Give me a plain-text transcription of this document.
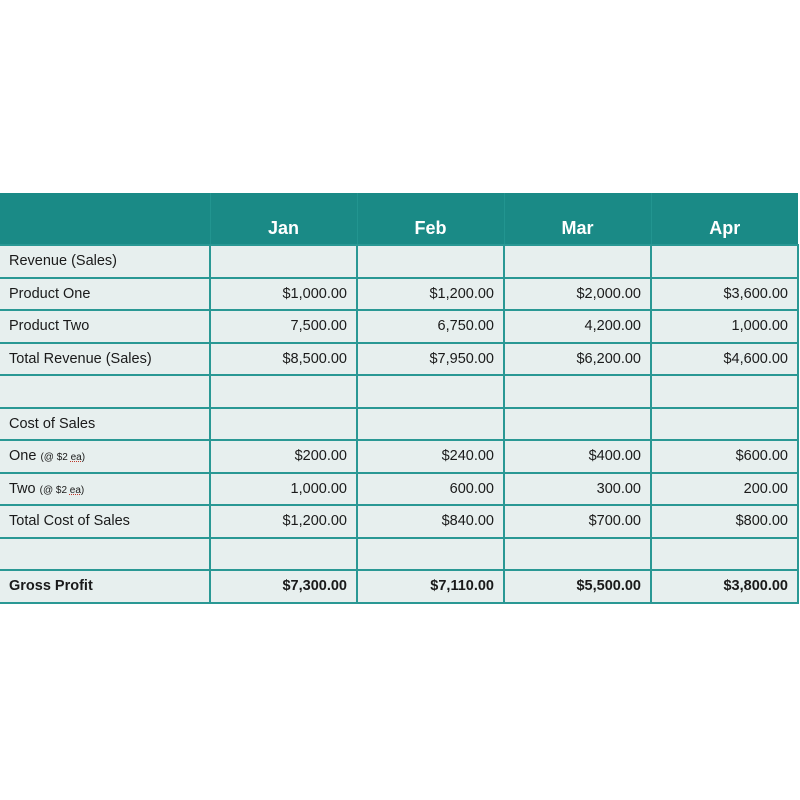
	Jan	Feb	Mar	Apr
Revenue (Sales)				
Product One	$1,000.00	$1,200.00	$2,000.00	$3,600.00
Product Two	7,500.00	6,750.00	4,200.00	1,000.00
Total Revenue (Sales)	$8,500.00	$7,950.00	$6,200.00	$4,600.00

Cost of Sales				
One (@ $2 ea)	$200.00	$240.00	$400.00	$600.00
Two (@ $2 ea)	1,000.00	600.00	300.00	200.00
Total Cost of Sales	$1,200.00	$840.00	$700.00	$800.00

Gross Profit	$7,300.00	$7,110.00	$5,500.00	$3,800.00
